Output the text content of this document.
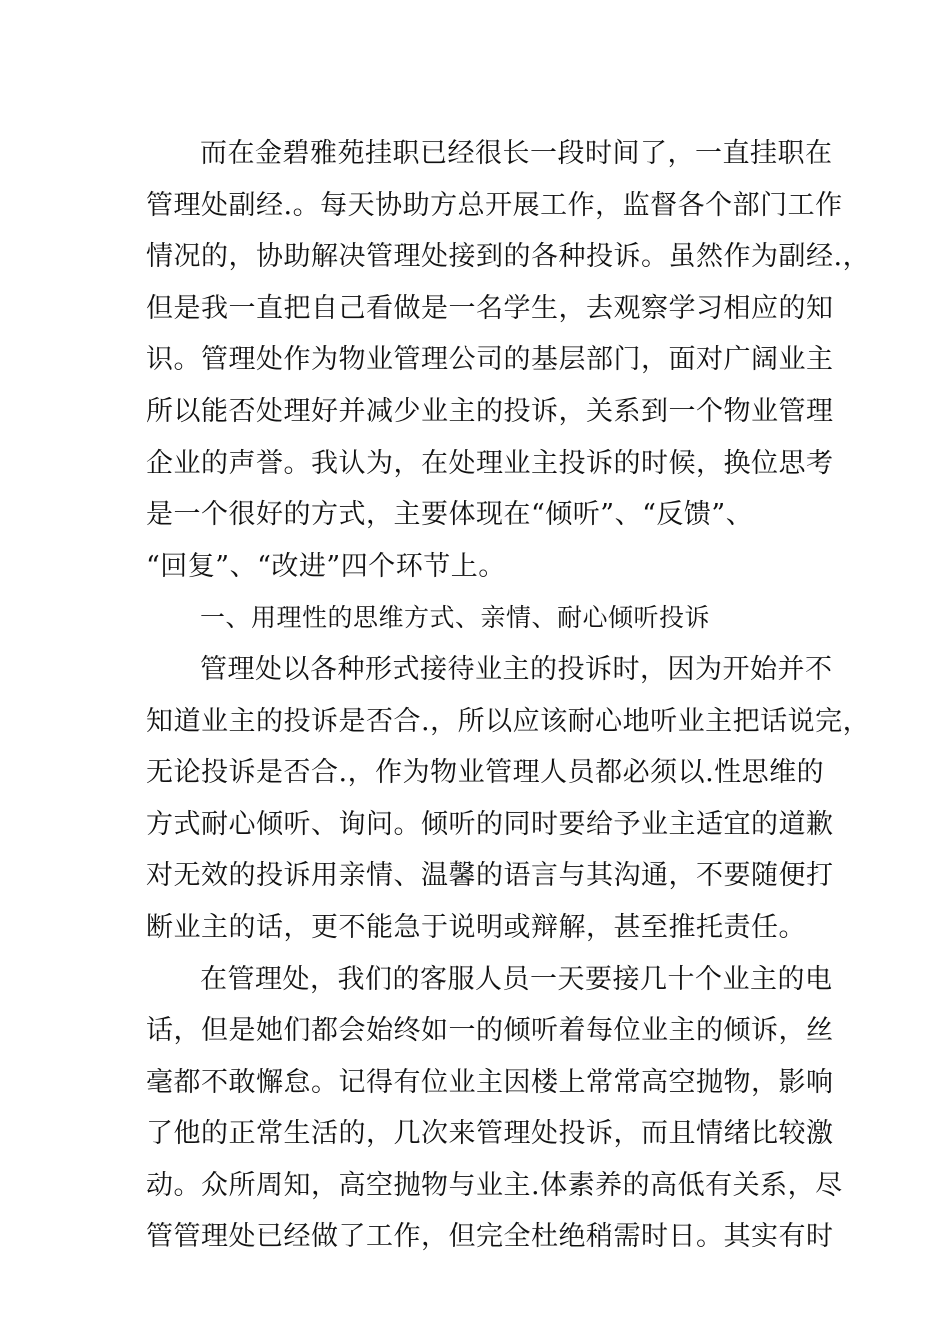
而在金碧雅苑挂职已经很长一段时间了，一直挂职在
管理处副经.。每天协助方总开展工作，监督各个部门工作
情况的，协助解决管理处接到的各种投诉。虽然作为副经.，
但是我一直把自己看做是一名学生，去观察学习相应的知
识。管理处作为物业管理公司的基层部门，面对广阔业主
所以能否处理好并减少业主的投诉，关系到一个物业管理
企业的声誉。我认为，在处理业主投诉的时候，换位思考
是一个很好的方式，主要体现在“倾听”、“反馈”、
“回复”、“改进”四个环节上。
一、用理性的思维方式、亲情、耐心倾听投诉
管理处以各种形式接待业主的投诉时，因为开始并不
知道业主的投诉是否合.，所以应该耐心地听业主把话说完，
无论投诉是否合.，作为物业管理人员都必须以.性思维的
方式耐心倾听、询问。倾听的同时要给予业主适宜的道歉
对无效的投诉用亲情、温馨的语言与其沟通，不要随便打
断业主的话，更不能急于说明或辩解，甚至推托责任。
在管理处，我们的客服人员一天要接几十个业主的电
话，但是她们都会始终如一的倾听着每位业主的倾诉，丝
毫都不敢懈怠。记得有位业主因楼上常常高空抛物，影响
了他的正常生活的，几次来管理处投诉，而且情绪比较激
动。众所周知，高空抛物与业主.体素养的高低有关系，尽
管管理处已经做了工作，但完全杜绝稍需时日。其实有时
